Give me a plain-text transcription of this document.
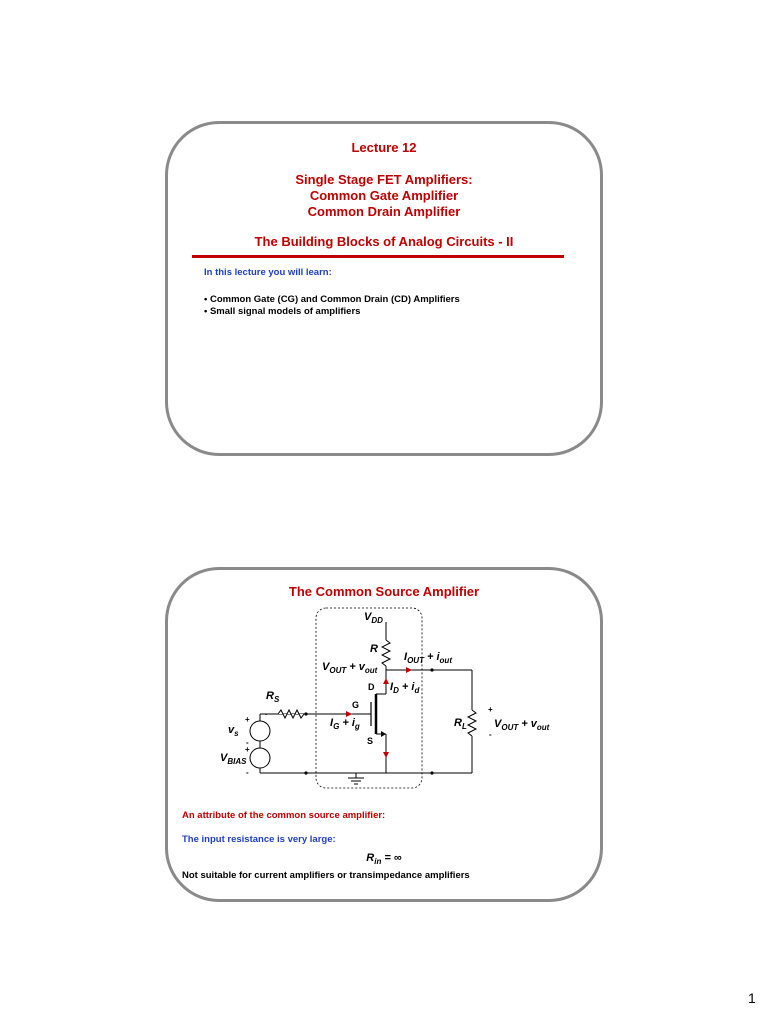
Lecture 12
Single Stage FET Amplifiers:
Common Gate Amplifier
Common Drain Amplifier
The Building Blocks of Analog Circuits - II
In this lecture you will learn:
• Common Gate (CG) and Common Drain (CD) Amplifiers
• Small signal models of amplifiers
The Common Source Amplifier
$V_{DD}$
R
$I_{OUT} + i_{out}$
$V_{OUT} + v_{out}$
D $I_D + i_d$
$R_S$
G
$I_G + i_g$
S
+
-
$v_s$
+
-
$V_{BIAS}$
$R_L$
+
$V_{OUT} + v_{out}$
-
An attribute of the common source amplifier:
The input resistance is very large:
$R_{in}$ = ∞
Not suitable for current amplifiers or transimpedance amplifiers
1
